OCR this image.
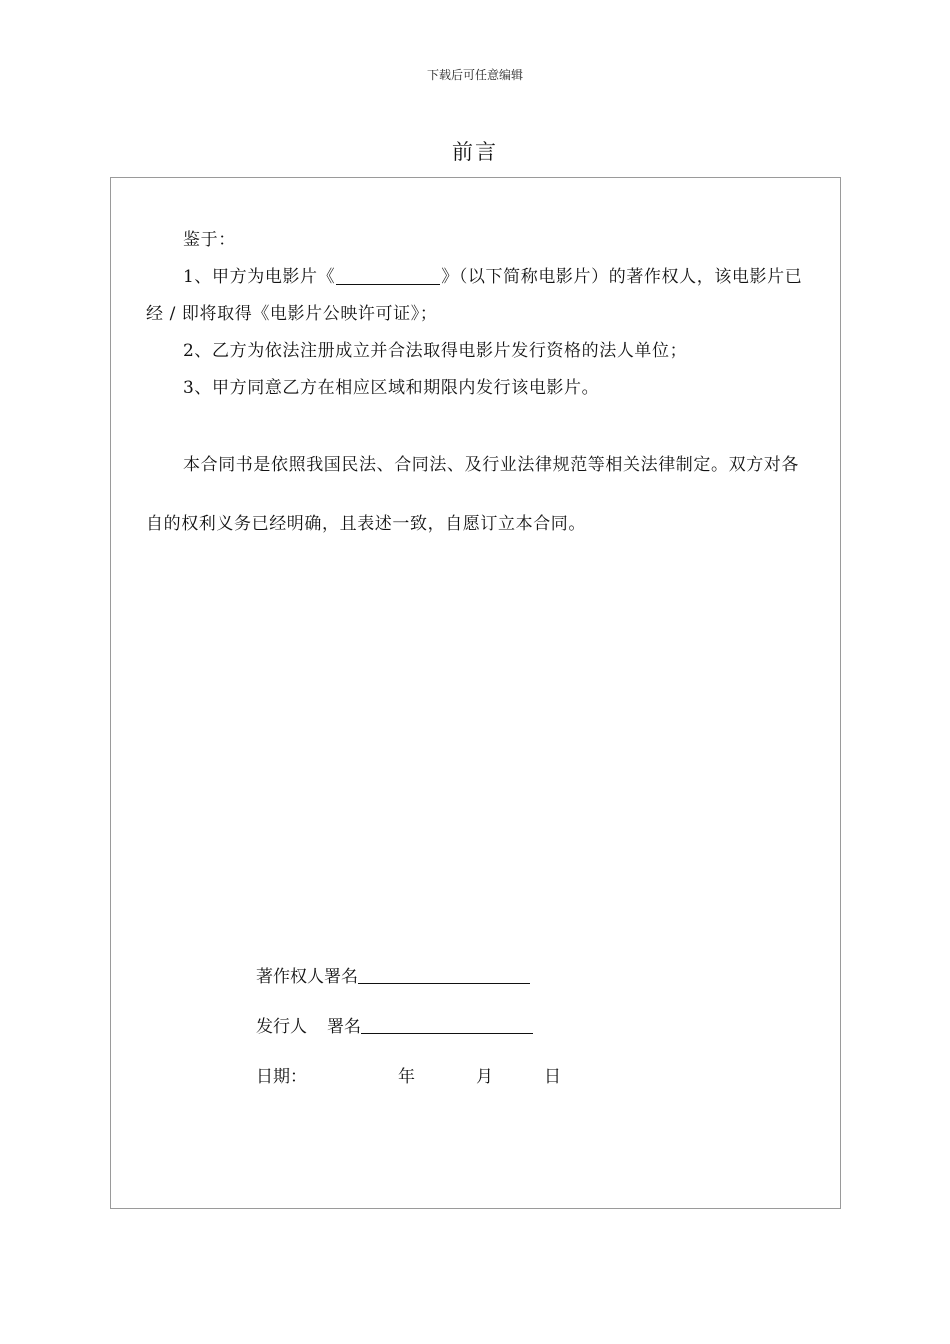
下载后可任意编辑
前言

鉴于：

1、甲方为电影片《	》（以下简称电影片）的著作权人，该电影片已经 / 即将取得《电影片公映许可证》；

2、乙方为依法注册成立并合法取得电影片发行资格的法人单位；

3、甲方同意乙方在相应区域和期限内发行该电影片。

本合同书是依照我国民法、合同法、及行业法律规范等相关法律制定。双方对各自的权利义务已经明确，且表述一致，自愿订立本合同。

著作权人署名
发行人 署名
日期：	年	月	日
